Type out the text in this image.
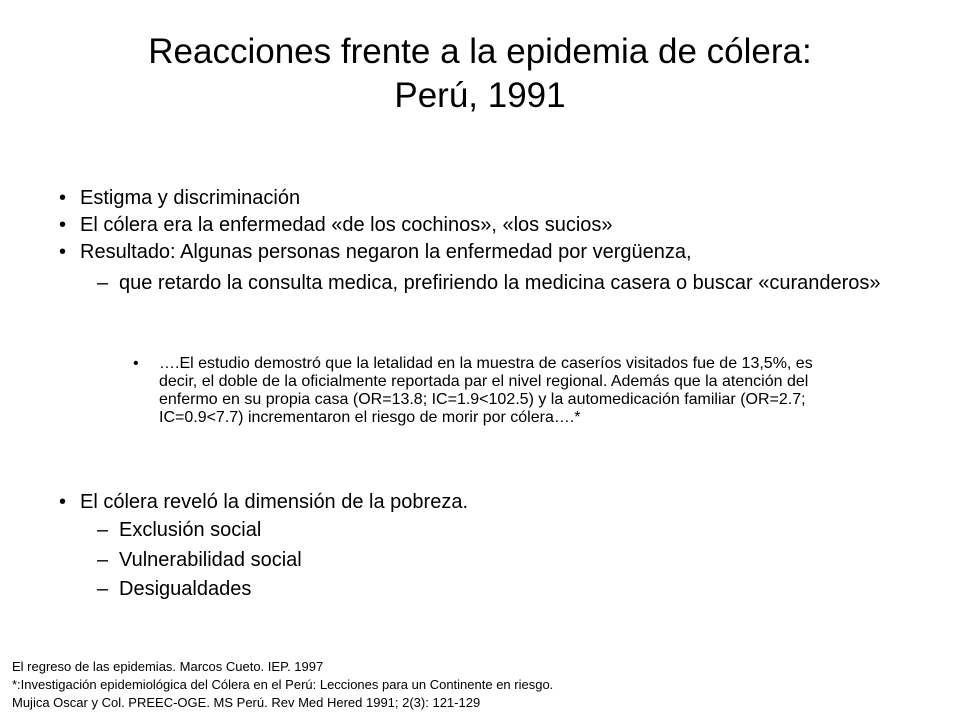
Reacciones frente a la epidemia de cólera:
Perú, 1991
• Estigma y discriminación
• El cólera era la enfermedad «de los cochinos», «los sucios»
• Resultado: Algunas personas negaron la enfermedad por vergüenza,
– que retardo la consulta medica, prefiriendo la medicina casera o buscar «curanderos»
• ….El estudio demostró que la letalidad en la muestra de caseríos visitados fue de 13,5%, es decir, el doble de la oficialmente reportada par el nivel regional. Además que la atención del enfermo en su propia casa (OR=13.8; IC=1.9<102.5) y la automedicación familiar (OR=2.7; IC=0.9<7.7) incrementaron el riesgo de morir por cólera….*
• El cólera reveló la dimensión de la pobreza.
– Exclusión social
– Vulnerabilidad social
– Desigualdades
El regreso de las epidemias. Marcos Cueto. IEP. 1997
*:Investigación epidemiológica del Cólera en el Perú: Lecciones para un Continente en riesgo.
Mujica Oscar y Col. PREEC-OGE. MS Perú. Rev Med Hered 1991; 2(3): 121-129
